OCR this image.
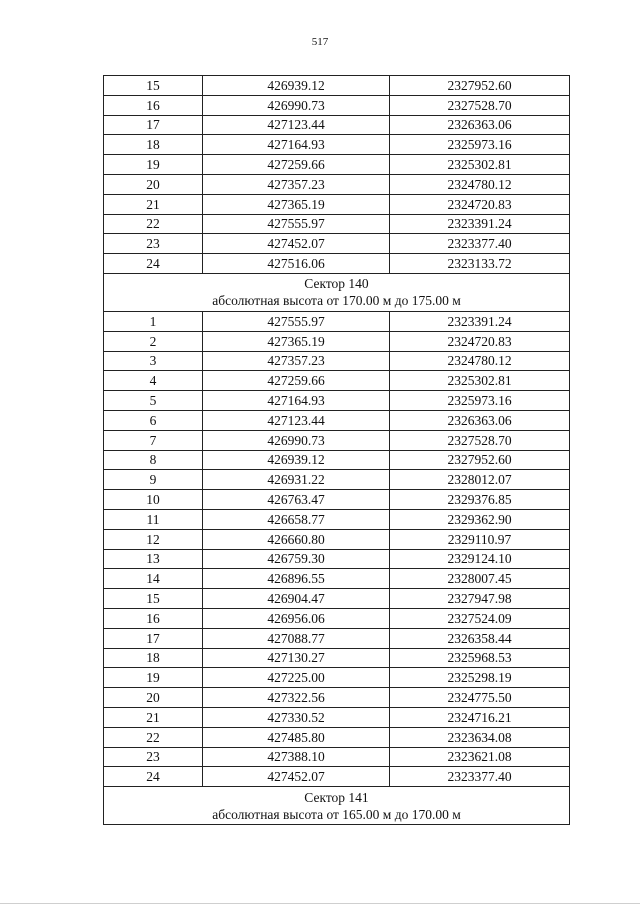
517
15	426939.12	2327952.60
16	426990.73	2327528.70
17	427123.44	2326363.06
18	427164.93	2325973.16
19	427259.66	2325302.81
20	427357.23	2324780.12
21	427365.19	2324720.83
22	427555.97	2323391.24
23	427452.07	2323377.40
24	427516.06	2323133.72

Сектор 140
абсолютная высота от 170.00 м до 175.00 м		

1	427555.97	2323391.24
2	427365.19	2324720.83
3	427357.23	2324780.12
4	427259.66	2325302.81
5	427164.93	2325973.16
6	427123.44	2326363.06
7	426990.73	2327528.70
8	426939.12	2327952.60
9	426931.22	2328012.07
10	426763.47	2329376.85
11	426658.77	2329362.90
12	426660.80	2329110.97
13	426759.30	2329124.10
14	426896.55	2328007.45
15	426904.47	2327947.98
16	426956.06	2327524.09
17	427088.77	2326358.44
18	427130.27	2325968.53
19	427225.00	2325298.19
20	427322.56	2324775.50
21	427330.52	2324716.21
22	427485.80	2323634.08
23	427388.10	2323621.08
24	427452.07	2323377.40

Сектор 141
абсолютная высота от 165.00 м до 170.00 м		
